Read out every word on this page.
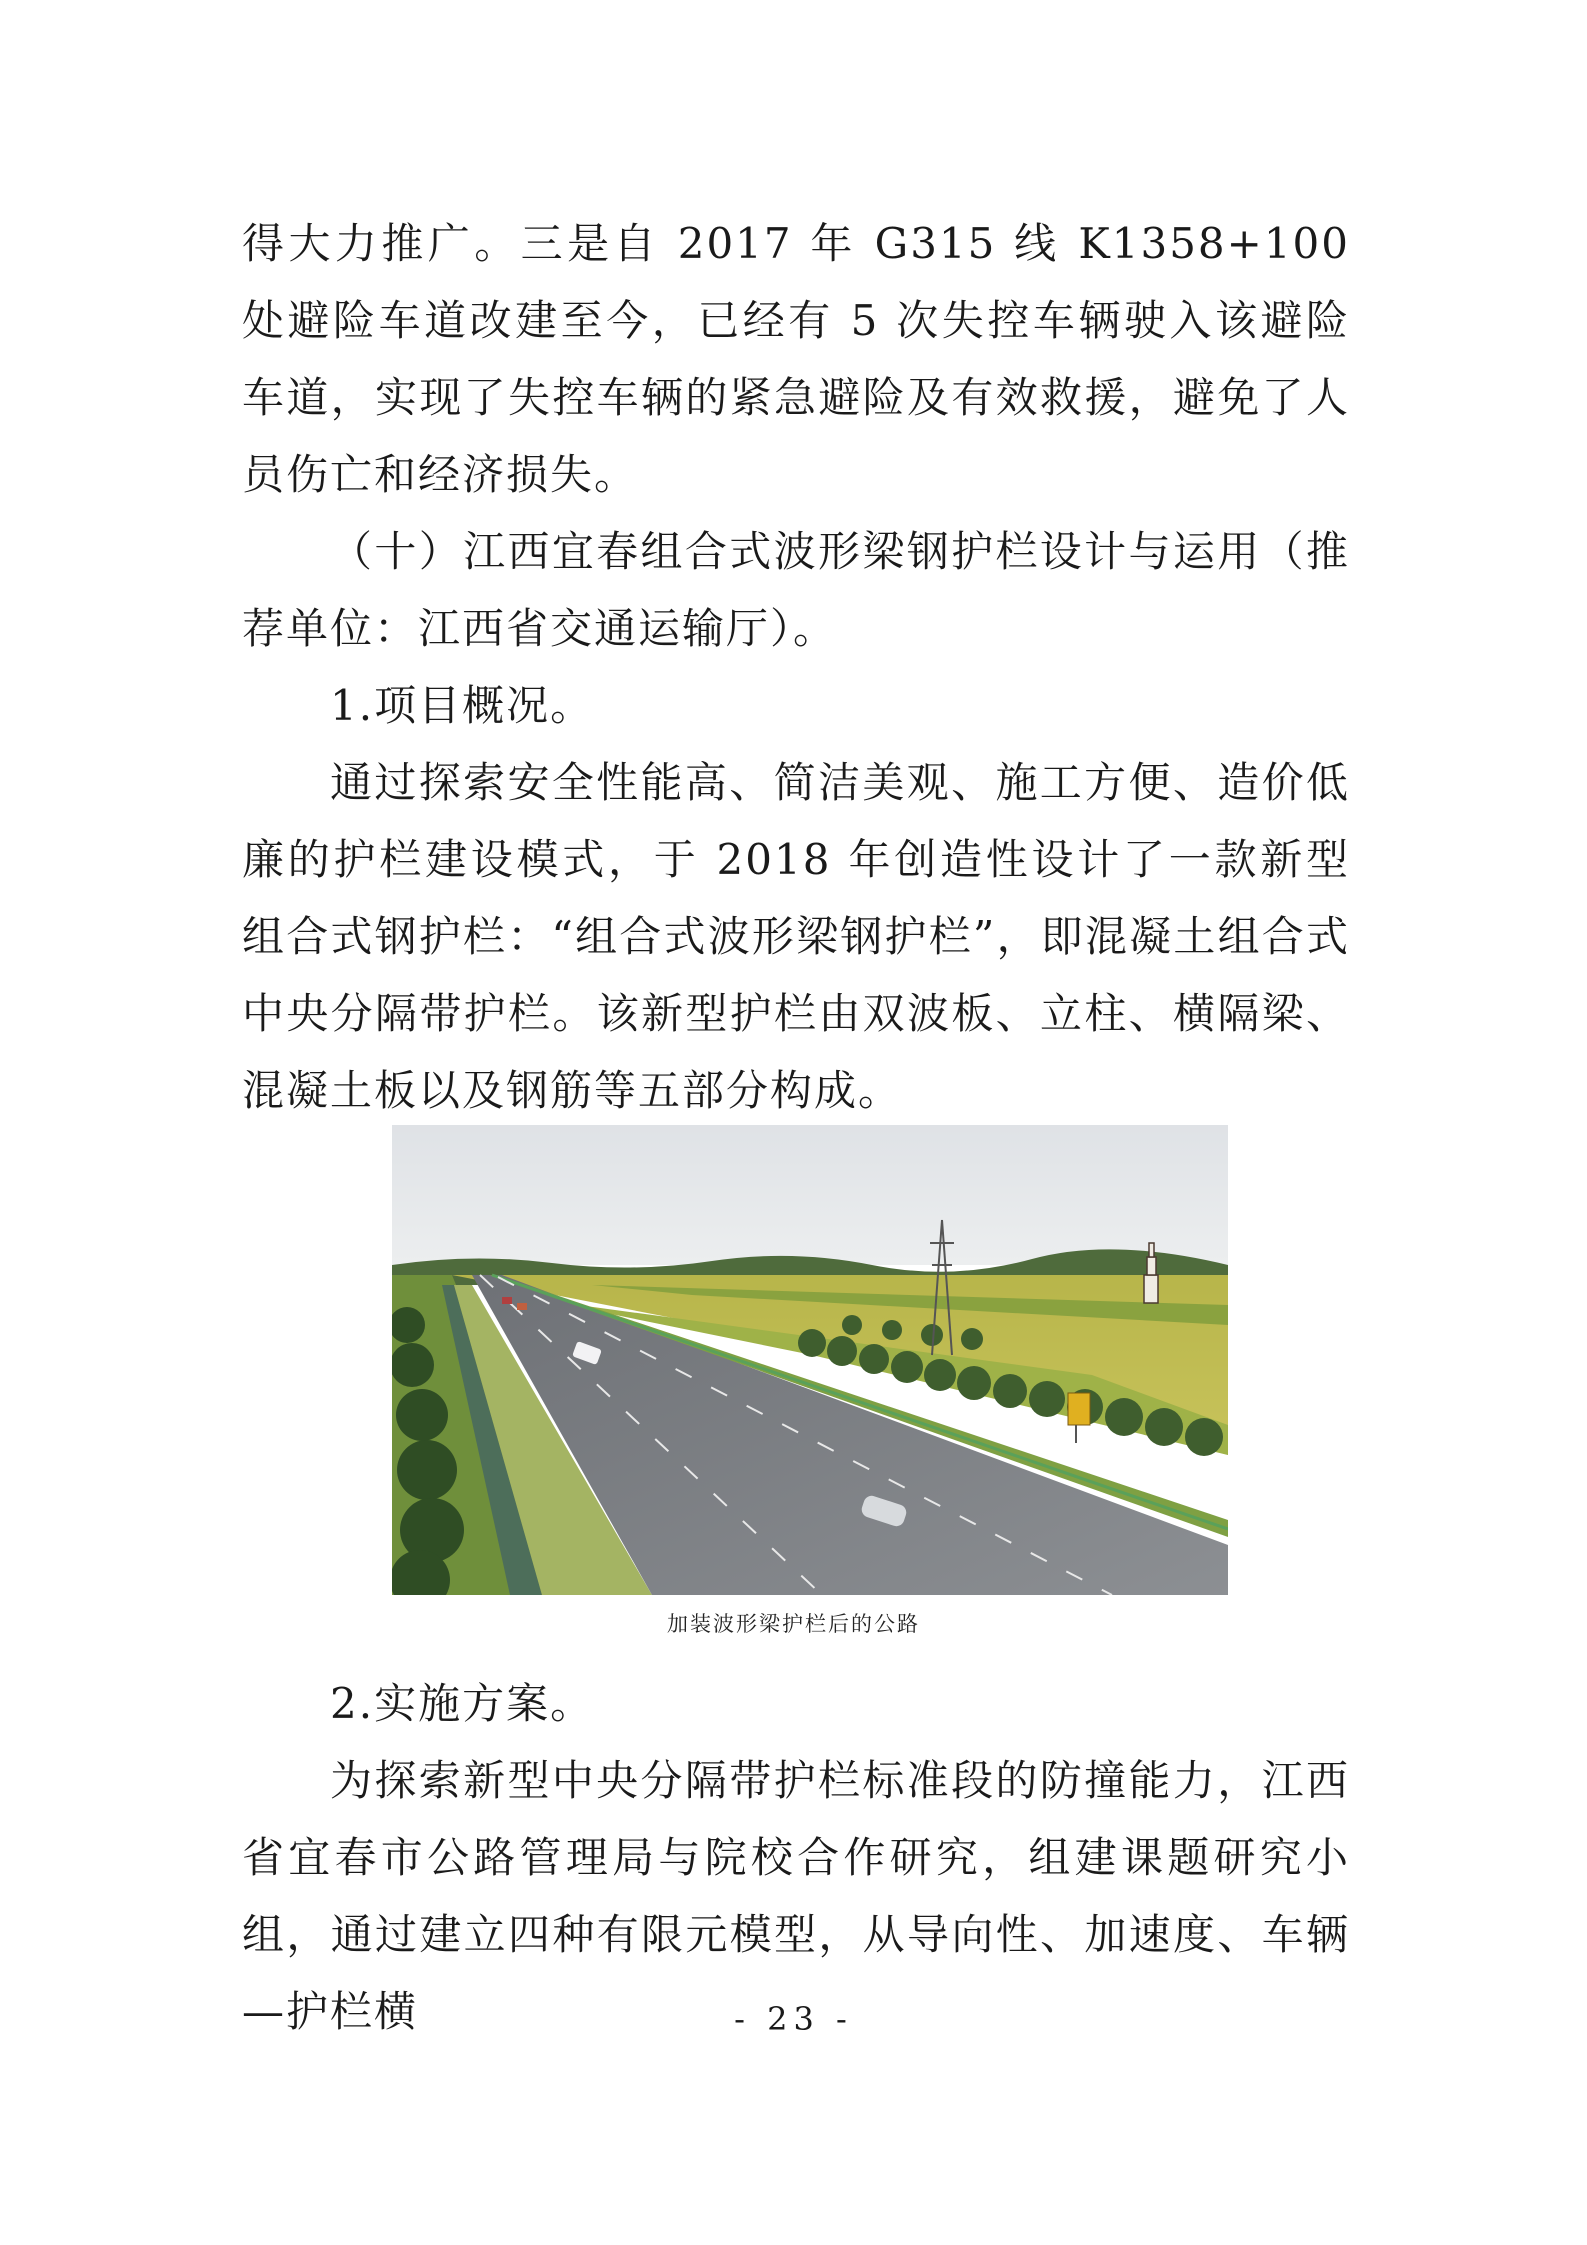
得大力推广。三是自 2017 年 G315 线 K1358+100 处避险车道改建至今，已经有 5 次失控车辆驶入该避险车道，实现了失控车辆的紧急避险及有效救援，避免了人员伤亡和经济损失。

（十）江西宜春组合式波形梁钢护栏设计与运用（推荐单位：江西省交通运输厅）。

1.项目概况。

通过探索安全性能高、简洁美观、施工方便、造价低廉的护栏建设模式，于 2018 年创造性设计了一款新型组合式钢护栏：“组合式波形梁钢护栏”，即混凝土组合式中央分隔带护栏。该新型护栏由双波板、立柱、横隔梁、混凝土板以及钢筋等五部分构成。

加装波形梁护栏后的公路

2.实施方案。

为探索新型中央分隔带护栏标准段的防撞能力，江西省宜春市公路管理局与院校合作研究，组建课题研究小组，通过建立四种有限元模型，从导向性、加速度、车辆—护栏横	- 23 -
